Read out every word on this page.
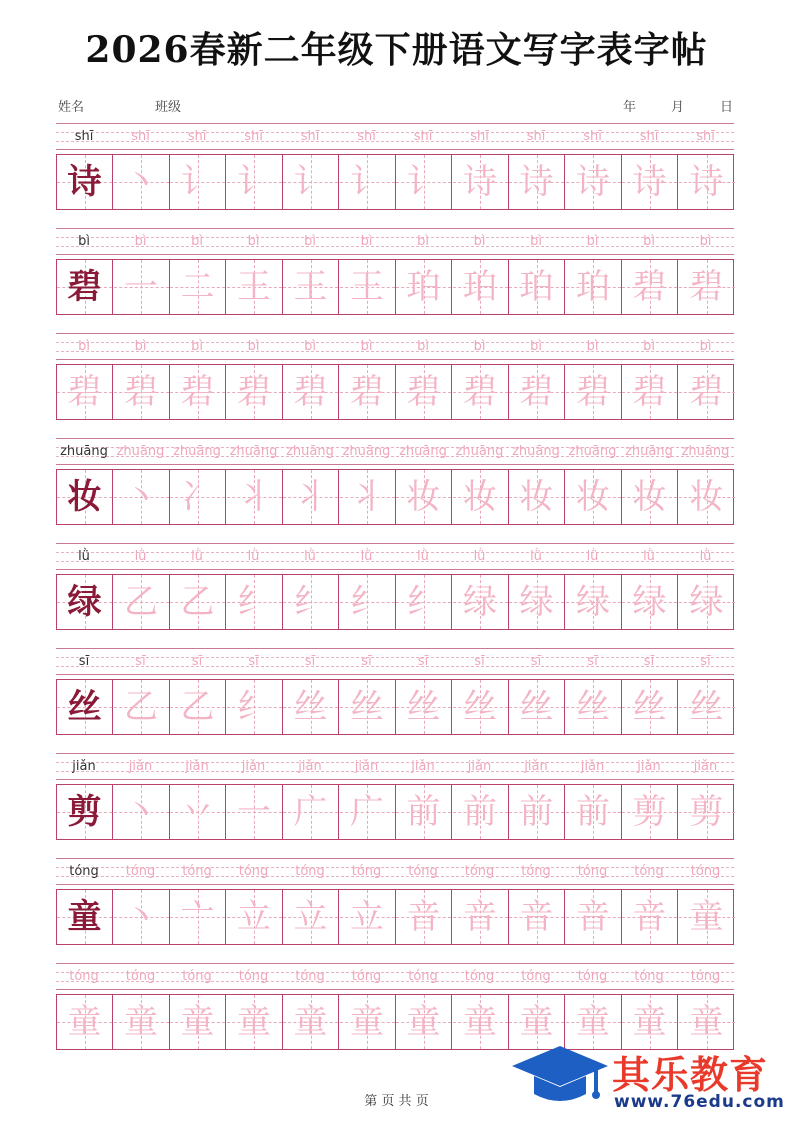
2026春新二年级下册语文写字表字帖
姓名	班级	年	月	日
shī	shī	shī	shī	shī	shī	shī	shī	shī	shī	shī	shī
诗 丶 讠 讠 讠 讠 讠 诗 诗 诗 诗 诗
bì	bì	bì	bì	bì	bì	bì	bì	bì	bì	bì	bì
碧 一 二 王 王 王 珀 珀 珀 珀 碧 碧
bì	bì	bì	bì	bì	bì	bì	bì	bì	bì	bì	bì
碧 碧 碧 碧 碧 碧 碧 碧 碧 碧 碧 碧
zhuāng zhuāng zhuāng zhuāng zhuāng zhuāng zhuāng zhuāng zhuāng zhuāng zhuāng zhuāng
妆 丶 冫 丬 丬 丬 妆 妆 妆 妆 妆 妆
lǜ	lǜ	lǜ	lǜ	lǜ	lǜ	lǜ	lǜ	lǜ	lǜ	lǜ	lǜ
绿 乙 乙 纟 纟 纟 纟 绿 绿 绿 绿 绿
sī	sī	sī	sī	sī	sī	sī	sī	sī	sī	sī	sī
丝 乙 乙 纟 丝 丝 丝 丝 丝 丝 丝 丝
jiǎn	jiǎn	jiǎn	jiǎn	jiǎn	jiǎn	jiǎn	jiǎn	jiǎn	jiǎn	jiǎn	jiǎn
剪 丶 丷 一 广 广 前 前 前 前 剪 剪
tóng	tóng	tóng	tóng	tóng	tóng	tóng	tóng	tóng	tóng	tóng	tóng
童 丶 亠 立 立 立 音 音 音 音 音 童
tóng	tóng	tóng	tóng	tóng	tóng	tóng	tóng	tóng	tóng	tóng	tóng
童 童 童 童 童 童 童 童 童 童 童 童
第 页 共 页
其乐教育
www.76edu.com
